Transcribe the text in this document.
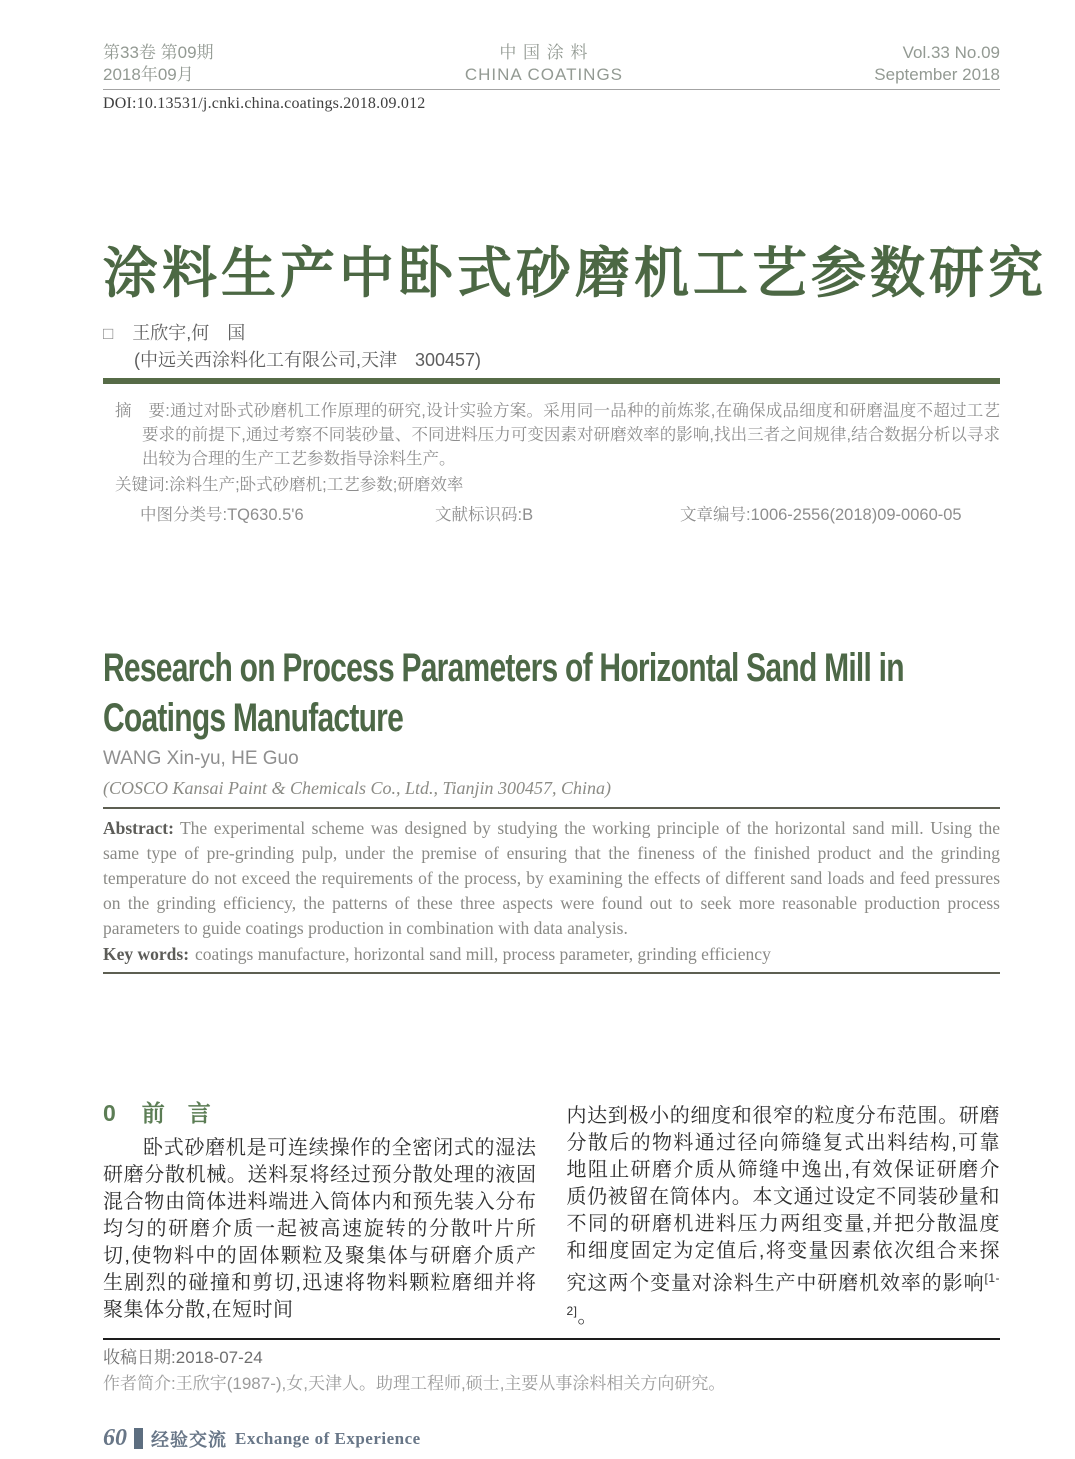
第33卷 第09期
2018年09月
中 国 涂 料
CHINA COATINGS
Vol.33 No.09
September 2018
DOI:10.13531/j.cnki.china.coatings.2018.09.012
涂料生产中卧式砂磨机工艺参数研究
□ 王欣宇,何　国
(中远关西涂料化工有限公司,天津　300457)

摘　要:通过对卧式砂磨机工作原理的研究,设计实验方案。采用同一品种的前炼浆,在确保成品细度和研磨温度不超过工艺要求的前提下,通过考察不同装砂量、不同进料压力可变因素对研磨效率的影响,找出三者之间规律,结合数据分析以寻求出较为合理的生产工艺参数指导涂料生产。

关键词:涂料生产;卧式砂磨机;工艺参数;研磨效率

中图分类号:TQ630.5'6	文献标识码:B	文章编号:1006-2556(2018)09-0060-05
Research on Process Parameters of Horizontal Sand Mill in
Coatings Manufacture
WANG Xin-yu, HE Guo
(COSCO Kansai Paint & Chemicals Co., Ltd., Tianjin 300457, China)

Abstract: The experimental scheme was designed by studying the working principle of the horizontal sand mill. Using the same type of pre-grinding pulp, under the premise of ensuring that the fineness of the finished product and the grinding temperature do not exceed the requirements of the process, by examining the effects of different sand loads and feed pressures on the grinding efficiency, the patterns of these three aspects were found out to seek more reasonable production process parameters to guide coatings production in combination with data analysis.

Key words: coatings manufacture, horizontal sand mill, process parameter, grinding efficiency

0 前　言

卧式砂磨机是可连续操作的全密闭式的湿法研磨分散机械。送料泵将经过预分散处理的液固混合物由筒体进料端进入筒体内和预先装入分布均匀的研磨介质一起被高速旋转的分散叶片所切,使物料中的固体颗粒及聚集体与研磨介质产生剧烈的碰撞和剪切,迅速将物料颗粒磨细并将聚集体分散,在短时间

内达到极小的细度和很窄的粒度分布范围。研磨分散后的物料通过径向筛缝复式出料结构,可靠地阻止研磨介质从筛缝中逸出,有效保证研磨介质仍被留在筒体内。本文通过设定不同装砂量和不同的研磨机进料压力两组变量,并把分散温度和细度固定为定值后,将变量因素依次组合来探究这两个变量对涂料生产中研磨机效率的影响[1-2]。

收稿日期:2018-07-24
作者简介:王欣宇(1987-),女,天津人。助理工程师,硕士,主要从事涂料相关方向研究。
60 经验交流 Exchange of Experience
